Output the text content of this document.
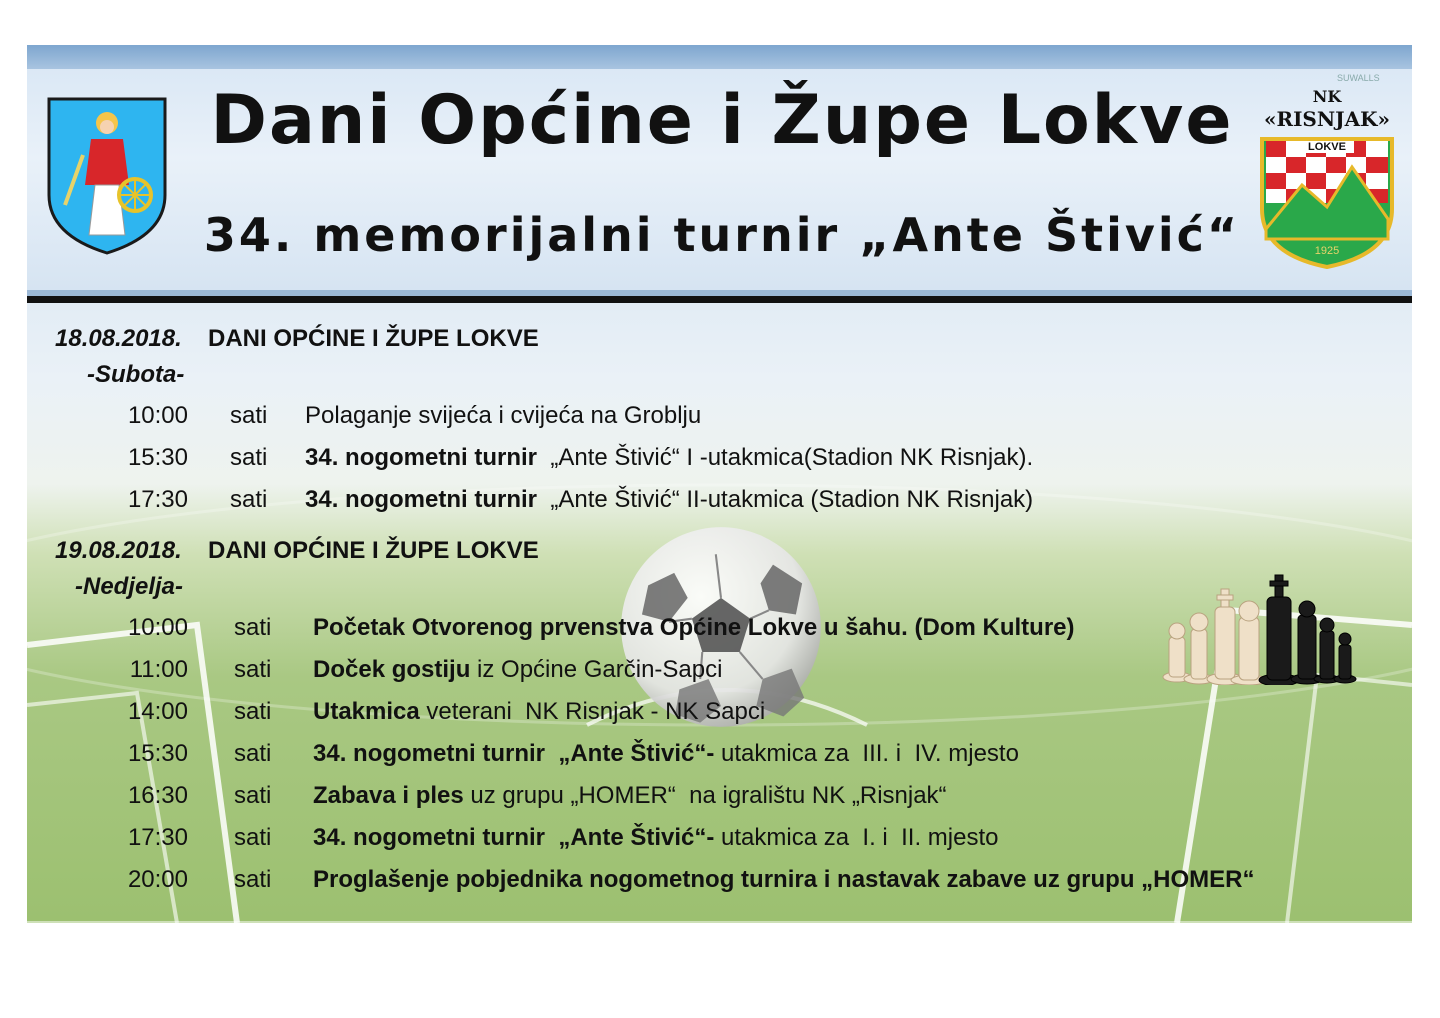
NK
«RISNJAK»
LOKVE
1925
SUWALLS
Dani Općine i Župe Lokve
34. memorijalni turnir „Ante Štivić“
18.08.2018. DANI OPĆINE I ŽUPE LOKVE
-Subota-
10:00 sati Polaganje svijeća i cvijeća na Groblju
15:30 sati 34. nogometni turnir  „Ante Štivić“ I -utakmica(Stadion NK Risnjak).
17:30 sati 34. nogometni turnir  „Ante Štivić“ II-utakmica (Stadion NK Risnjak)
19.08.2018. DANI OPĆINE I ŽUPE LOKVE
-Nedjelja-
10:00 sati Početak Otvorenog prvenstva Općine Lokve u šahu. (Dom Kulture)
11:00 sati Doček gostiju iz Općine Garčin-Sapci
14:00 sati Utakmica veterani  NK Risnjak - NK Sapci
15:30 sati 34. nogometni turnir  „Ante Štivić“- utakmica za  III. i  IV. mjesto
16:30 sati Zabava i ples uz grupu „HOMER“  na igralištu NK „Risnjak“
17:30 sati 34. nogometni turnir  „Ante Štivić“- utakmica za  I. i  II. mjesto
20:00 sati Proglašenje pobjednika nogometnog turnira i nastavak zabave uz grupu „HOMER“
